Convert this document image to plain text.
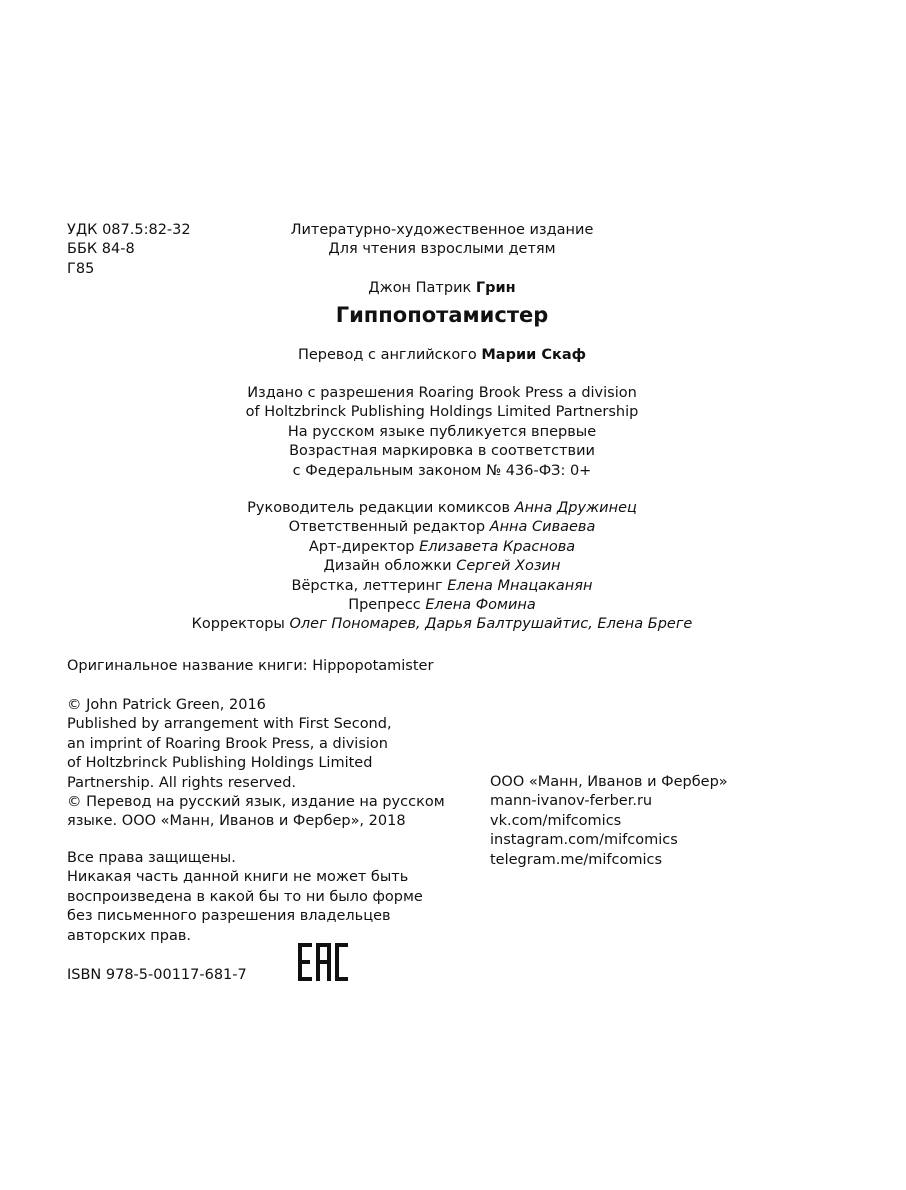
УДК 087.5:82-32
ББК 84-8
Г85
Литературно-художественное издание
Для чтения взрослыми детям
Джон Патрик Грин
Гиппопотамистер
Перевод с английского Марии Скаф
Издано с разрешения Roaring Brook Press a division
of Holtzbrinck Publishing Holdings Limited Partnership
На русском языке публикуется впервые
Возрастная маркировка в соответствии
с Федеральным законом № 436-ФЗ: 0+
Руководитель редакции комиксов Анна Дружинец
Ответственный редактор Анна Сиваева
Арт-директор Елизавета Краснова
Дизайн обложки Сергей Хозин
Вёрстка, леттеринг Елена Мнацаканян
Препресс Елена Фомина
Корректоры Олег Пономарев, Дарья Балтрушайтис, Елена Бреге
Оригинальное название книги: Hippopotamister
© John Patrick Green, 2016
Published by arrangement with First Second,
an imprint of Roaring Brook Press, a division
of Holtzbrinck Publishing Holdings Limited
Partnership. All rights reserved.
© Перевод на русский язык, издание на русском
языке. ООО «Манн, Иванов и Фербер», 2018
ООО «Манн, Иванов и Фербер»
mann-ivanov-ferber.ru
vk.com/mifcomics
instagram.com/mifcomics
telegram.me/mifcomics
Все права защищены.
Никакая часть данной книги не может быть
воспроизведена в какой бы то ни было форме
без письменного разрешения владельцев
авторских прав.
ISBN 978-5-00117-681-7
